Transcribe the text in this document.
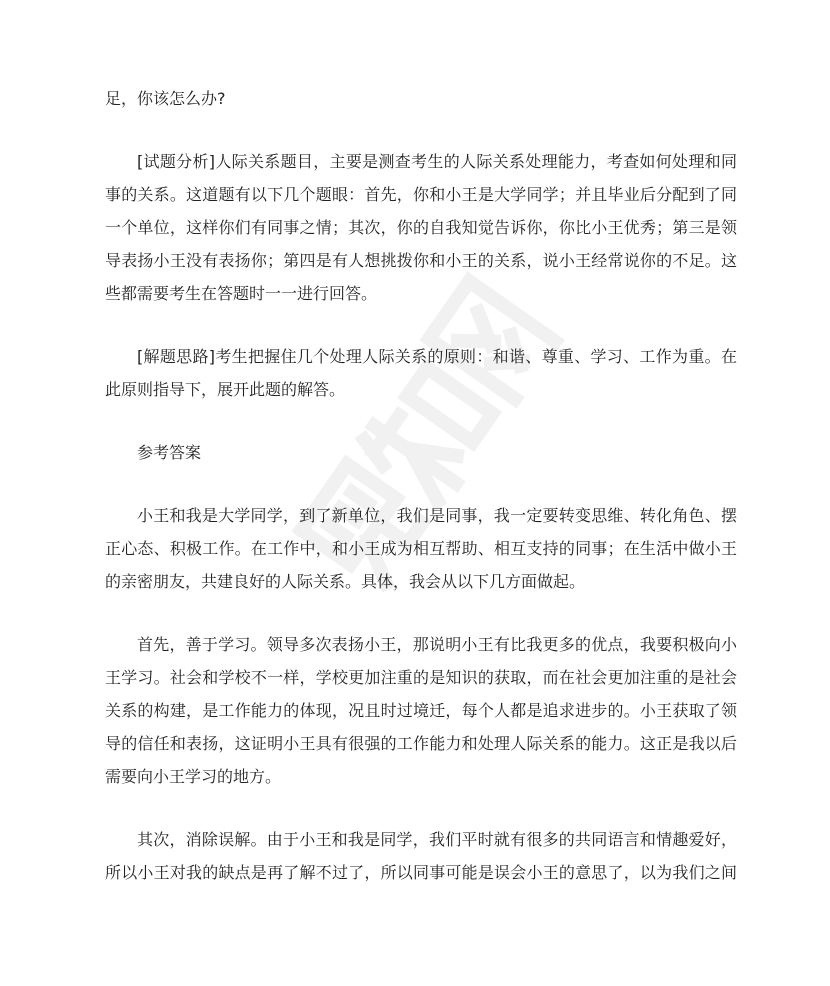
足，你该怎么办?
[试题分析]人际关系题目，主要是测查考生的人际关系处理能力，考查如何处理和同
事的关系。这道题有以下几个题眼：首先，你和小王是大学同学；并且毕业后分配到了同
一个单位，这样你们有同事之情；其次，你的自我知觉告诉你，你比小王优秀；第三是领
导表扬小王没有表扬你；第四是有人想挑拨你和小王的关系，说小王经常说你的不足。这
些都需要考生在答题时一一进行回答。
[解题思路]考生把握住几个处理人际关系的原则：和谐、尊重、学习、工作为重。在
此原则指导下，展开此题的解答。
参考答案
小王和我是大学同学，到了新单位，我们是同事，我一定要转变思维、转化角色、摆
正心态、积极工作。在工作中，和小王成为相互帮助、相互支持的同事；在生活中做小王
的亲密朋友，共建良好的人际关系。具体，我会从以下几方面做起。
首先，善于学习。领导多次表扬小王，那说明小王有比我更多的优点，我要积极向小
王学习。社会和学校不一样，学校更加注重的是知识的获取，而在社会更加注重的是社会
关系的构建，是工作能力的体现，况且时过境迁，每个人都是追求进步的。小王获取了领
导的信任和表扬，这证明小王具有很强的工作能力和处理人际关系的能力。这正是我以后
需要向小王学习的地方。
其次，消除误解。由于小王和我是同学，我们平时就有很多的共同语言和情趣爱好，
所以小王对我的缺点是再了解不过了，所以同事可能是误会小王的意思了，以为我们之间
